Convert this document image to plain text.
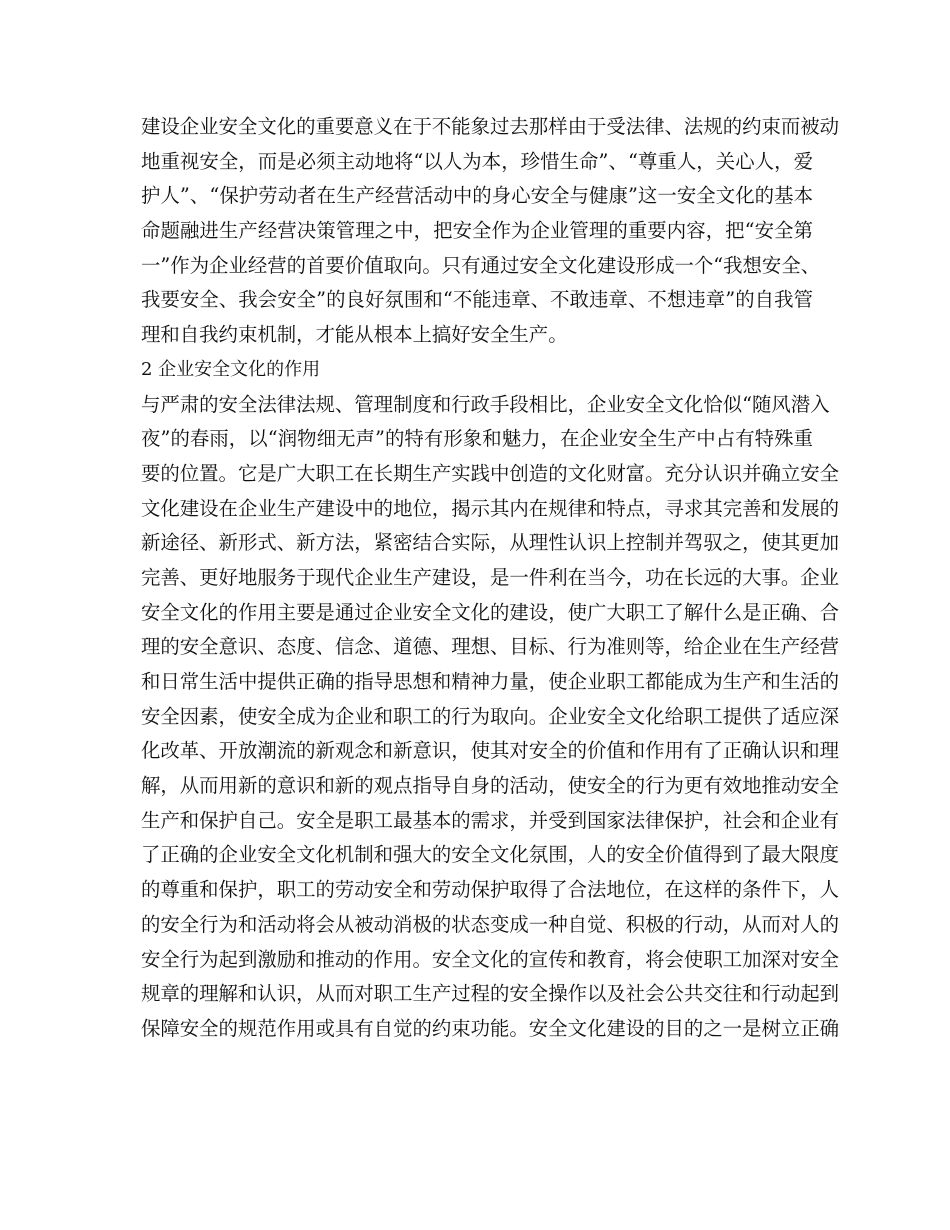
建设企业安全文化的重要意义在于不能象过去那样由于受法律、法规的约束而被动
地重视安全，而是必须主动地将“以人为本，珍惜生命”、“尊重人，关心人，爱
护人”、“保护劳动者在生产经营活动中的身心安全与健康”这一安全文化的基本
命题融进生产经营决策管理之中，把安全作为企业管理的重要内容，把“安全第
一”作为企业经营的首要价值取向。只有通过安全文化建设形成一个“我想安全、
我要安全、我会安全”的良好氛围和“不能违章、不敢违章、不想违章”的自我管
理和自我约束机制，才能从根本上搞好安全生产。
2 企业安全文化的作用
与严肃的安全法律法规、管理制度和行政手段相比，企业安全文化恰似“随风潜入
夜”的春雨，以“润物细无声”的特有形象和魅力，在企业安全生产中占有特殊重
要的位置。它是广大职工在长期生产实践中创造的文化财富。充分认识并确立安全
文化建设在企业生产建设中的地位，揭示其内在规律和特点，寻求其完善和发展的
新途径、新形式、新方法，紧密结合实际，从理性认识上控制并驾驭之，使其更加
完善、更好地服务于现代企业生产建设，是一件利在当今，功在长远的大事。企业
安全文化的作用主要是通过企业安全文化的建设，使广大职工了解什么是正确、合
理的安全意识、态度、信念、道德、理想、目标、行为准则等，给企业在生产经营
和日常生活中提供正确的指导思想和精神力量，使企业职工都能成为生产和生活的
安全因素，使安全成为企业和职工的行为取向。企业安全文化给职工提供了适应深
化改革、开放潮流的新观念和新意识，使其对安全的价值和作用有了正确认识和理
解，从而用新的意识和新的观点指导自身的活动，使安全的行为更有效地推动安全
生产和保护自己。安全是职工最基本的需求，并受到国家法律保护，社会和企业有
了正确的企业安全文化机制和强大的安全文化氛围，人的安全价值得到了最大限度
的尊重和保护，职工的劳动安全和劳动保护取得了合法地位，在这样的条件下，人
的安全行为和活动将会从被动消极的状态变成一种自觉、积极的行动，从而对人的
安全行为起到激励和推动的作用。安全文化的宣传和教育，将会使职工加深对安全
规章的理解和认识，从而对职工生产过程的安全操作以及社会公共交往和行动起到
保障安全的规范作用或具有自觉的约束功能。安全文化建设的目的之一是树立正确
